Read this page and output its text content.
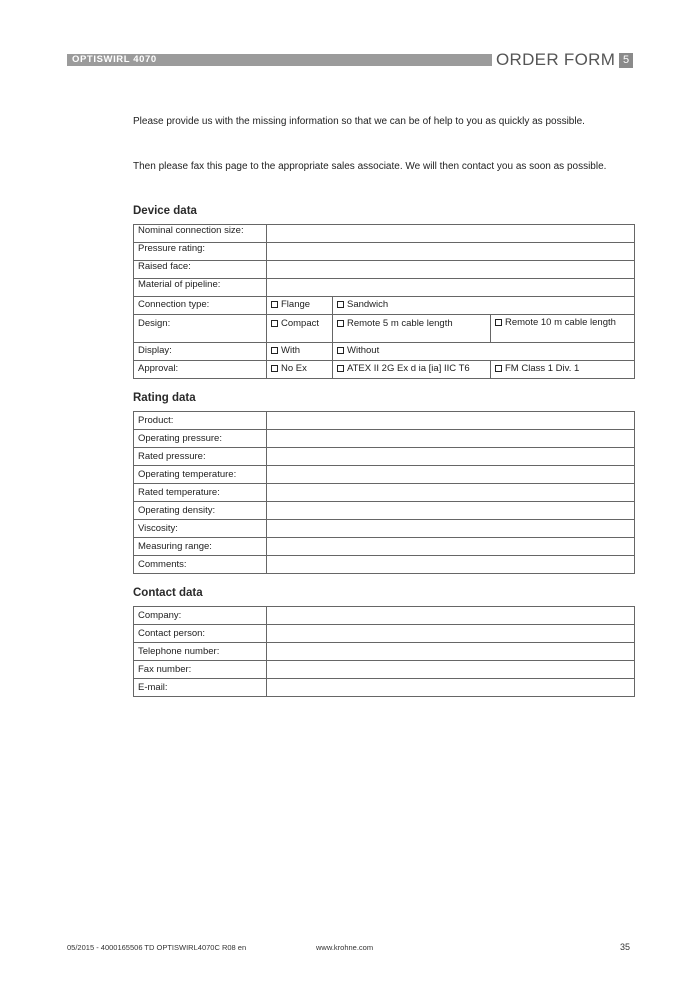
OPTISWIRL 4070	ORDER FORM 5
Please provide us with the missing information so that we can be of help to you as quickly as possible.
Then please fax this page to the appropriate sales associate. We will then contact you as soon as possible.
Device data
Nominal connection size:			
Pressure rating:			
Raised face:			
Material of pipeline:			
Connection type:	Flange	Sandwich	
Design:	Compact	Remote 5 m cable length	Remote 10 m cable length
Display:	With	Without	
Approval:	No Ex	ATEX II 2G Ex d ia [ia] IIC T6	FM Class 1 Div. 1
Rating data
Product:	
Operating pressure:	
Rated pressure:	
Operating temperature:	
Rated temperature:	
Operating density:	
Viscosity:	
Measuring range:	
Comments:	
Contact data
Company:	
Contact person:	
Telephone number:	
Fax number:	
E-mail:	
05/2015 - 4000165506 TD OPTISWIRL4070C R08 en	www.krohne.com	35
